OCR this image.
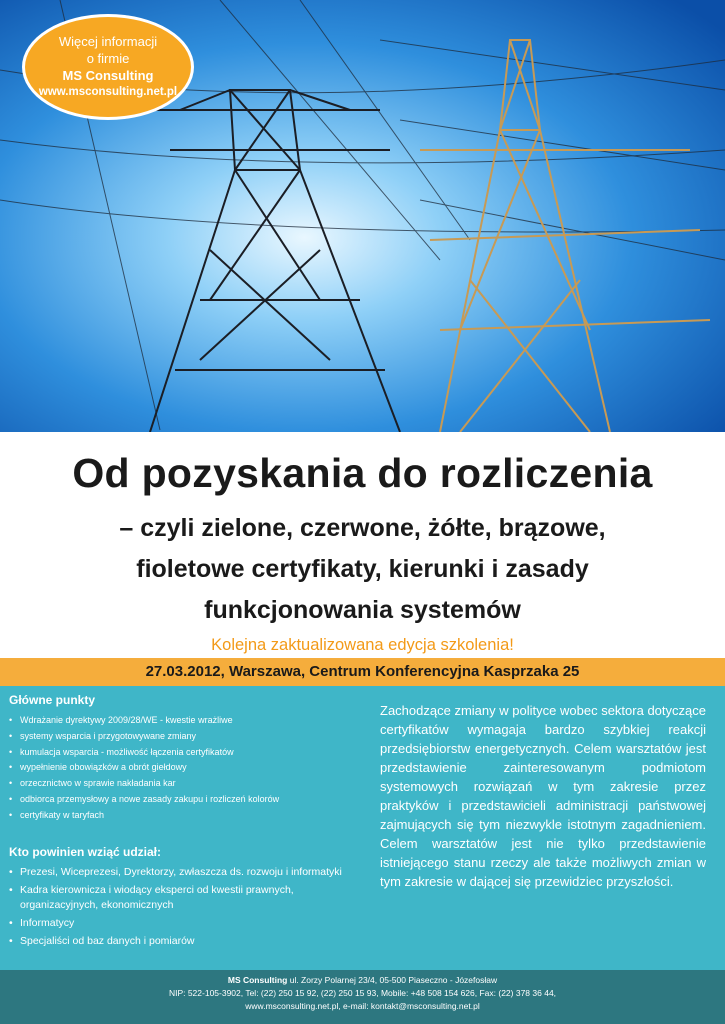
Więcej informacji
o firmie
MS Consulting
www.msconsulting.net.pl
Od pozyskania do rozliczenia
– czyli zielone, czerwone, żółte, brązowe,
fioletowe certyfikaty, kierunki i zasady
funkcjonowania systemów

Kolejna zaktualizowana edycja szkolenia!

27.03.2012, Warszawa, Centrum Konferencyjna Kasprzaka 25
Główne punkty
• Wdrażanie dyrektywy 2009/28/WE - kwestie wrażliwe
• systemy wsparcia i przygotowywane zmiany
• kumulacja wsparcia - możliwość łączenia certyfikatów
• wypełnienie obowiązków a obrót giełdowy
• orzecznictwo w sprawie nakładania kar
• odbiorca przemysłowy a nowe zasady zakupu i rozliczeń kolorów
• certyfikaty w taryfach
Kto powinien wziąć udział:
• Prezesi, Wiceprezesi, Dyrektorzy, zwłaszcza ds. rozwoju i informatyki
• Kadra kierownicza i wiodący eksperci od kwestii prawnych, organizacyjnych, ekonomicznych
• Informatycy
• Specjaliści od baz danych i pomiarów
Zachodzące zmiany w polityce wobec sektora dotyczące certyfikatów wymagaja bardzo szybkiej reakcji przedsiębiorstw energetycznych. Celem warsztatów jest przedstawienie zainteresowanym podmiotom systemowych rozwiązań w tym zakresie przez praktyków i przedstawicieli administracji państwowej zajmujących się tym niezwykle istotnym zagadnieniem. Celem warsztatów jest nie tylko przedstawienie istniejącego stanu rzeczy ale także możliwych zmian w tym zakresie w dającej się przewidziec przyszłości.
MS Consulting ul. Zorzy Polarnej 23/4, 05-500 Piaseczno - Józefosław
NIP: 522-105-3902, Tel: (22) 250 15 92, (22) 250 15 93, Mobile: +48 508 154 626, Fax: (22) 378 36 44,
www.msconsulting.net.pl, e-mail: kontakt@msconsulting.net.pl
